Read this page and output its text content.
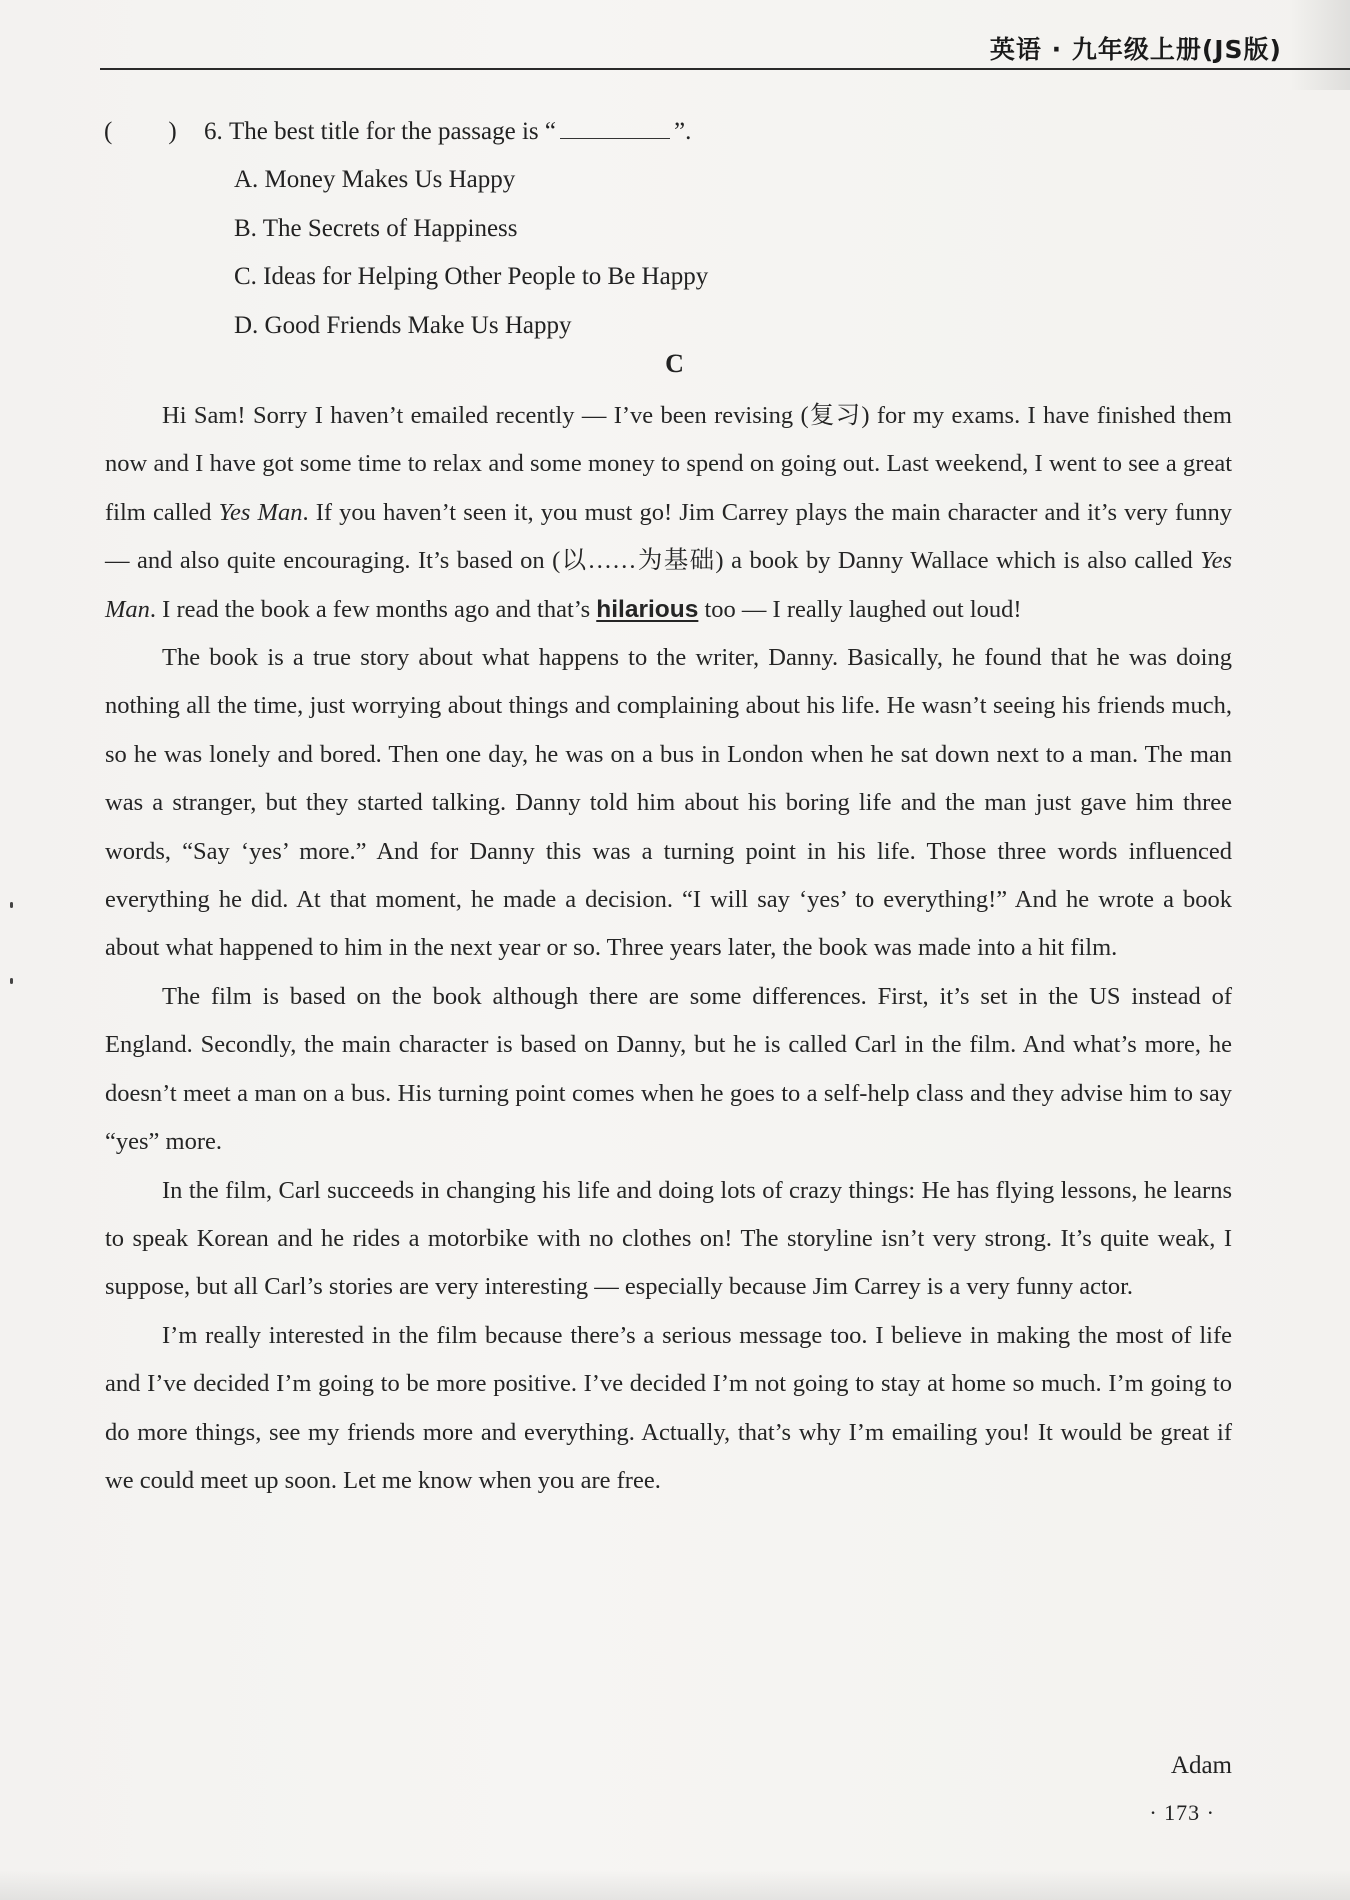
英语 · 九年级上册(JS版)
( )	6.
The best title for the passage is “	”.
A. Money Makes Us Happy
B. The Secrets of Happiness
C. Ideas for Helping Other People to Be Happy
D. Good Friends Make Us Happy
C

Hi Sam! Sorry I haven’t emailed recently — I’ve been revising (复习) for my exams. I have finished them now and I have got some time to relax and some money to spend on going out. Last weekend, I went to see a great film called Yes Man. If you haven’t seen it, you must go! Jim Carrey plays the main character and it’s very funny — and also quite encouraging. It’s based on (以……为基础) a book by Danny Wallace which is also called Yes Man. I read the book a few months ago and that’s hilarious too — I really laughed out loud!

The book is a true story about what happens to the writer, Danny. Basically, he found that he was doing nothing all the time, just worrying about things and complaining about his life. He wasn’t seeing his friends much, so he was lonely and bored. Then one day, he was on a bus in London when he sat down next to a man. The man was a stranger, but they started talking. Danny told him about his boring life and the man just gave him three words, “Say ‘yes’ more.” And for Danny this was a turning point in his life. Those three words influenced everything he did. At that moment, he made a decision. “I will say ‘yes’ to everything!” And he wrote a book about what happened to him in the next year or so. Three years later, the book was made into a hit film.

The film is based on the book although there are some differences. First, it’s set in the US instead of England. Secondly, the main character is based on Danny, but he is called Carl in the film. And what’s more, he doesn’t meet a man on a bus. His turning point comes when he goes to a self-help class and they advise him to say “yes” more.

In the film, Carl succeeds in changing his life and doing lots of crazy things: He has flying lessons, he learns to speak Korean and he rides a motorbike with no clothes on! The storyline isn’t very strong. It’s quite weak, I suppose, but all Carl’s stories are very interesting — especially because Jim Carrey is a very funny actor.

I’m really interested in the film because there’s a serious message too. I believe in making the most of life and I’ve decided I’m going to be more positive. I’ve decided I’m not going to stay at home so much. I’m going to do more things, see my friends more and everything. Actually, that’s why I’m emailing you! It would be great if we could meet up soon. Let me know when you are free.

Adam
· 173 ·
